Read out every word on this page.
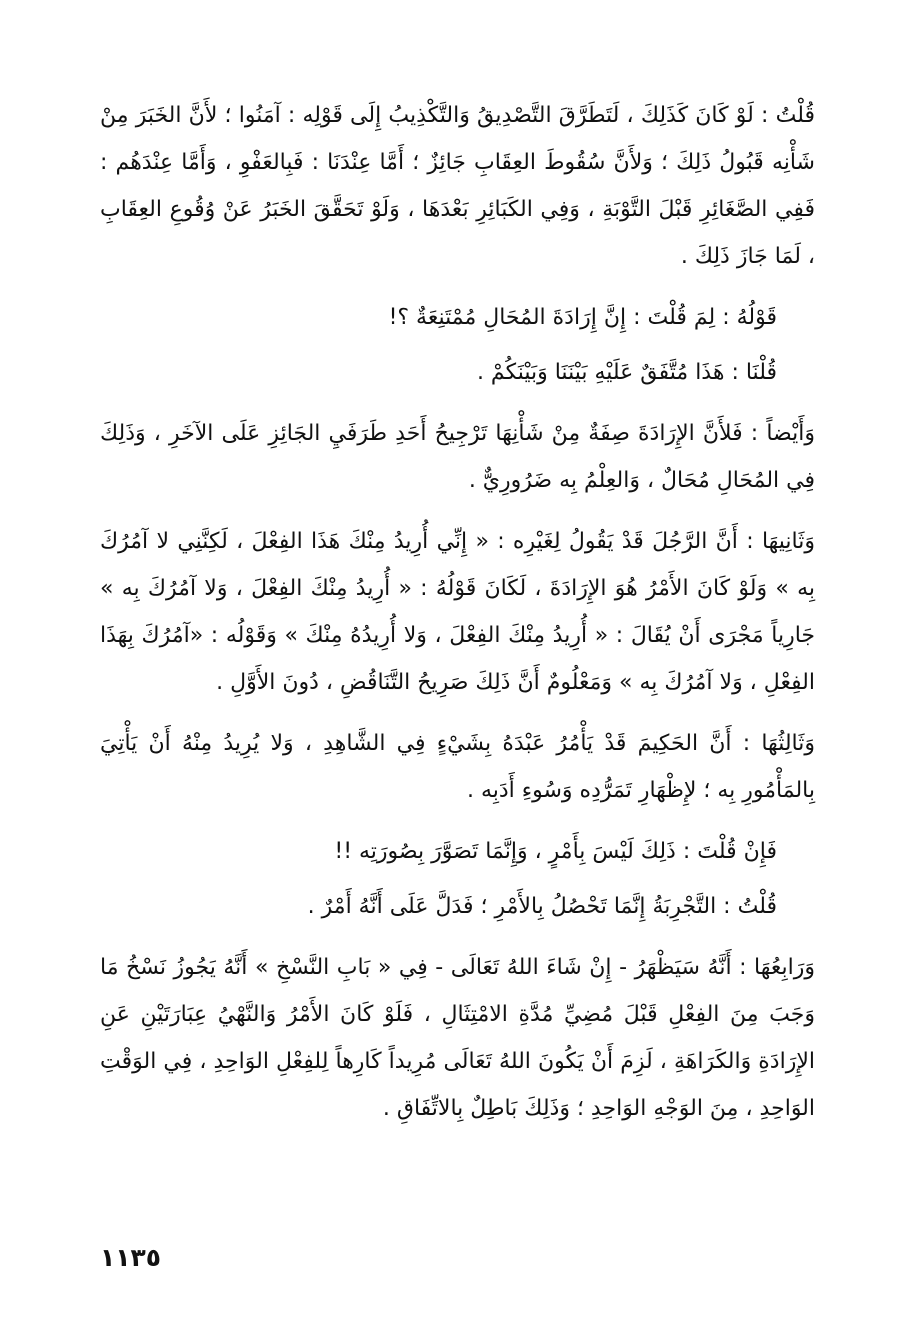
قُلْتُ : لَوْ كَانَ كَذَلِكَ ، لَتَطَرَّقَ التَّصْدِيقُ وَالتَّكْذِيبُ إِلَى قَوْلِه : آمَنُوا ؛ لأَنَّ الخَبَرَ مِنْ شَأْنِه قَبُولُ ذَلِكَ ؛ وَلأَنَّ سُقُوطَ العِقَابِ جَائِزٌ ؛ أَمَّا عِنْدَنَا : فَبِالعَفْوِ ، وَأَمَّا عِنْدَهُم : فَفِي الصَّغَائِرِ قَبْلَ التَّوْبَةِ ، وَفِي الكَبَائِرِ بَعْدَهَا ، وَلَوْ تَحَقَّقَ الخَبَرُ عَنْ وُقُوعِ العِقَابِ ، لَمَا جَازَ ذَلِكَ .

قَوْلُهُ : لِمَ قُلْتَ : إِنَّ إِرَادَةَ المُحَالِ مُمْتَنِعَةٌ ؟!

قُلْنَا : هَذَا مُتَّفَقٌ عَلَيْهِ بَيْنَنَا وَبَيْنَكُمْ .

وَأَيْضاً : فَلأَنَّ الإِرَادَةَ صِفَةٌ مِنْ شَأْنِهَا تَرْجِيحُ أَحَدِ طَرَفَيِ الجَائِزِ عَلَى الآخَرِ ، وَذَلِكَ فِي المُحَالِ مُحَالٌ ، وَالعِلْمُ بِه ضَرُورِيٌّ .

وَثَانِيهَا : أَنَّ الرَّجُلَ قَدْ يَقُولُ لِغَيْرِه : « إِنِّي أُرِيدُ مِنْكَ هَذَا الفِعْلَ ، لَكِنَّنِي لا آمُرُكَ بِه » وَلَوْ كَانَ الأَمْرُ هُوَ الإِرَادَةَ ، لَكَانَ قَوْلُهُ : « أُرِيدُ مِنْكَ الفِعْلَ ، وَلا آمُرُكَ بِه » جَارِياً مَجْرَى أَنْ يُقَالَ : « أُرِيدُ مِنْكَ الفِعْلَ ، وَلا أُرِيدُهُ مِنْكَ » وَقَوْلُه : «آمُرُكَ بِهَذَا الفِعْلِ ، وَلا آمُرُكَ بِه » وَمَعْلُومٌ أَنَّ ذَلِكَ صَرِيحُ التَّنَاقُضِ ، دُونَ الأَوَّلِ .

وَثَالِثُهَا : أَنَّ الحَكِيمَ قَدْ يَأْمُرُ عَبْدَهُ بِشَيْءٍ فِي الشَّاهِدِ ، وَلا يُرِيدُ مِنْهُ أَنْ يَأْتِيَ بِالمَأْمُورِ بِه ؛ لإِظْهَارِ تَمَرُّدِه وَسُوءِ أَدَبِه .

فَإِنْ قُلْتَ : ذَلِكَ لَيْسَ بِأَمْرٍ ، وَإِنَّمَا تَصَوَّرَ بِصُورَتِه !!

قُلْتُ : التَّجْرِبَةُ إِنَّمَا تَحْصُلُ بِالأَمْرِ ؛ فَدَلَّ عَلَى أَنَّهُ أَمْرٌ .

وَرَابِعُهَا : أَنَّهُ سَيَظْهَرُ - إِنْ شَاءَ اللهُ تَعَالَى - فِي « بَابِ النَّسْخِ » أَنَّهُ يَجُوزُ نَسْخُ مَا وَجَبَ مِنَ الفِعْلِ قَبْلَ مُضِيِّ مُدَّةِ الامْتِثَالِ ، فَلَوْ كَانَ الأَمْرُ وَالنَّهْيُ عِبَارَتَيْنِ عَنِ الإِرَادَةِ وَالكَرَاهَةِ ، لَزِمَ أَنْ يَكُونَ اللهُ تَعَالَى مُرِيداً كَارِهاً لِلفِعْلِ الوَاحِدِ ، فِي الوَقْتِ الوَاحِدِ ، مِنَ الوَجْهِ الوَاحِدِ ؛ وَذَلِكَ بَاطِلٌ بِالاتِّفَاقِ .

١١٣٥
